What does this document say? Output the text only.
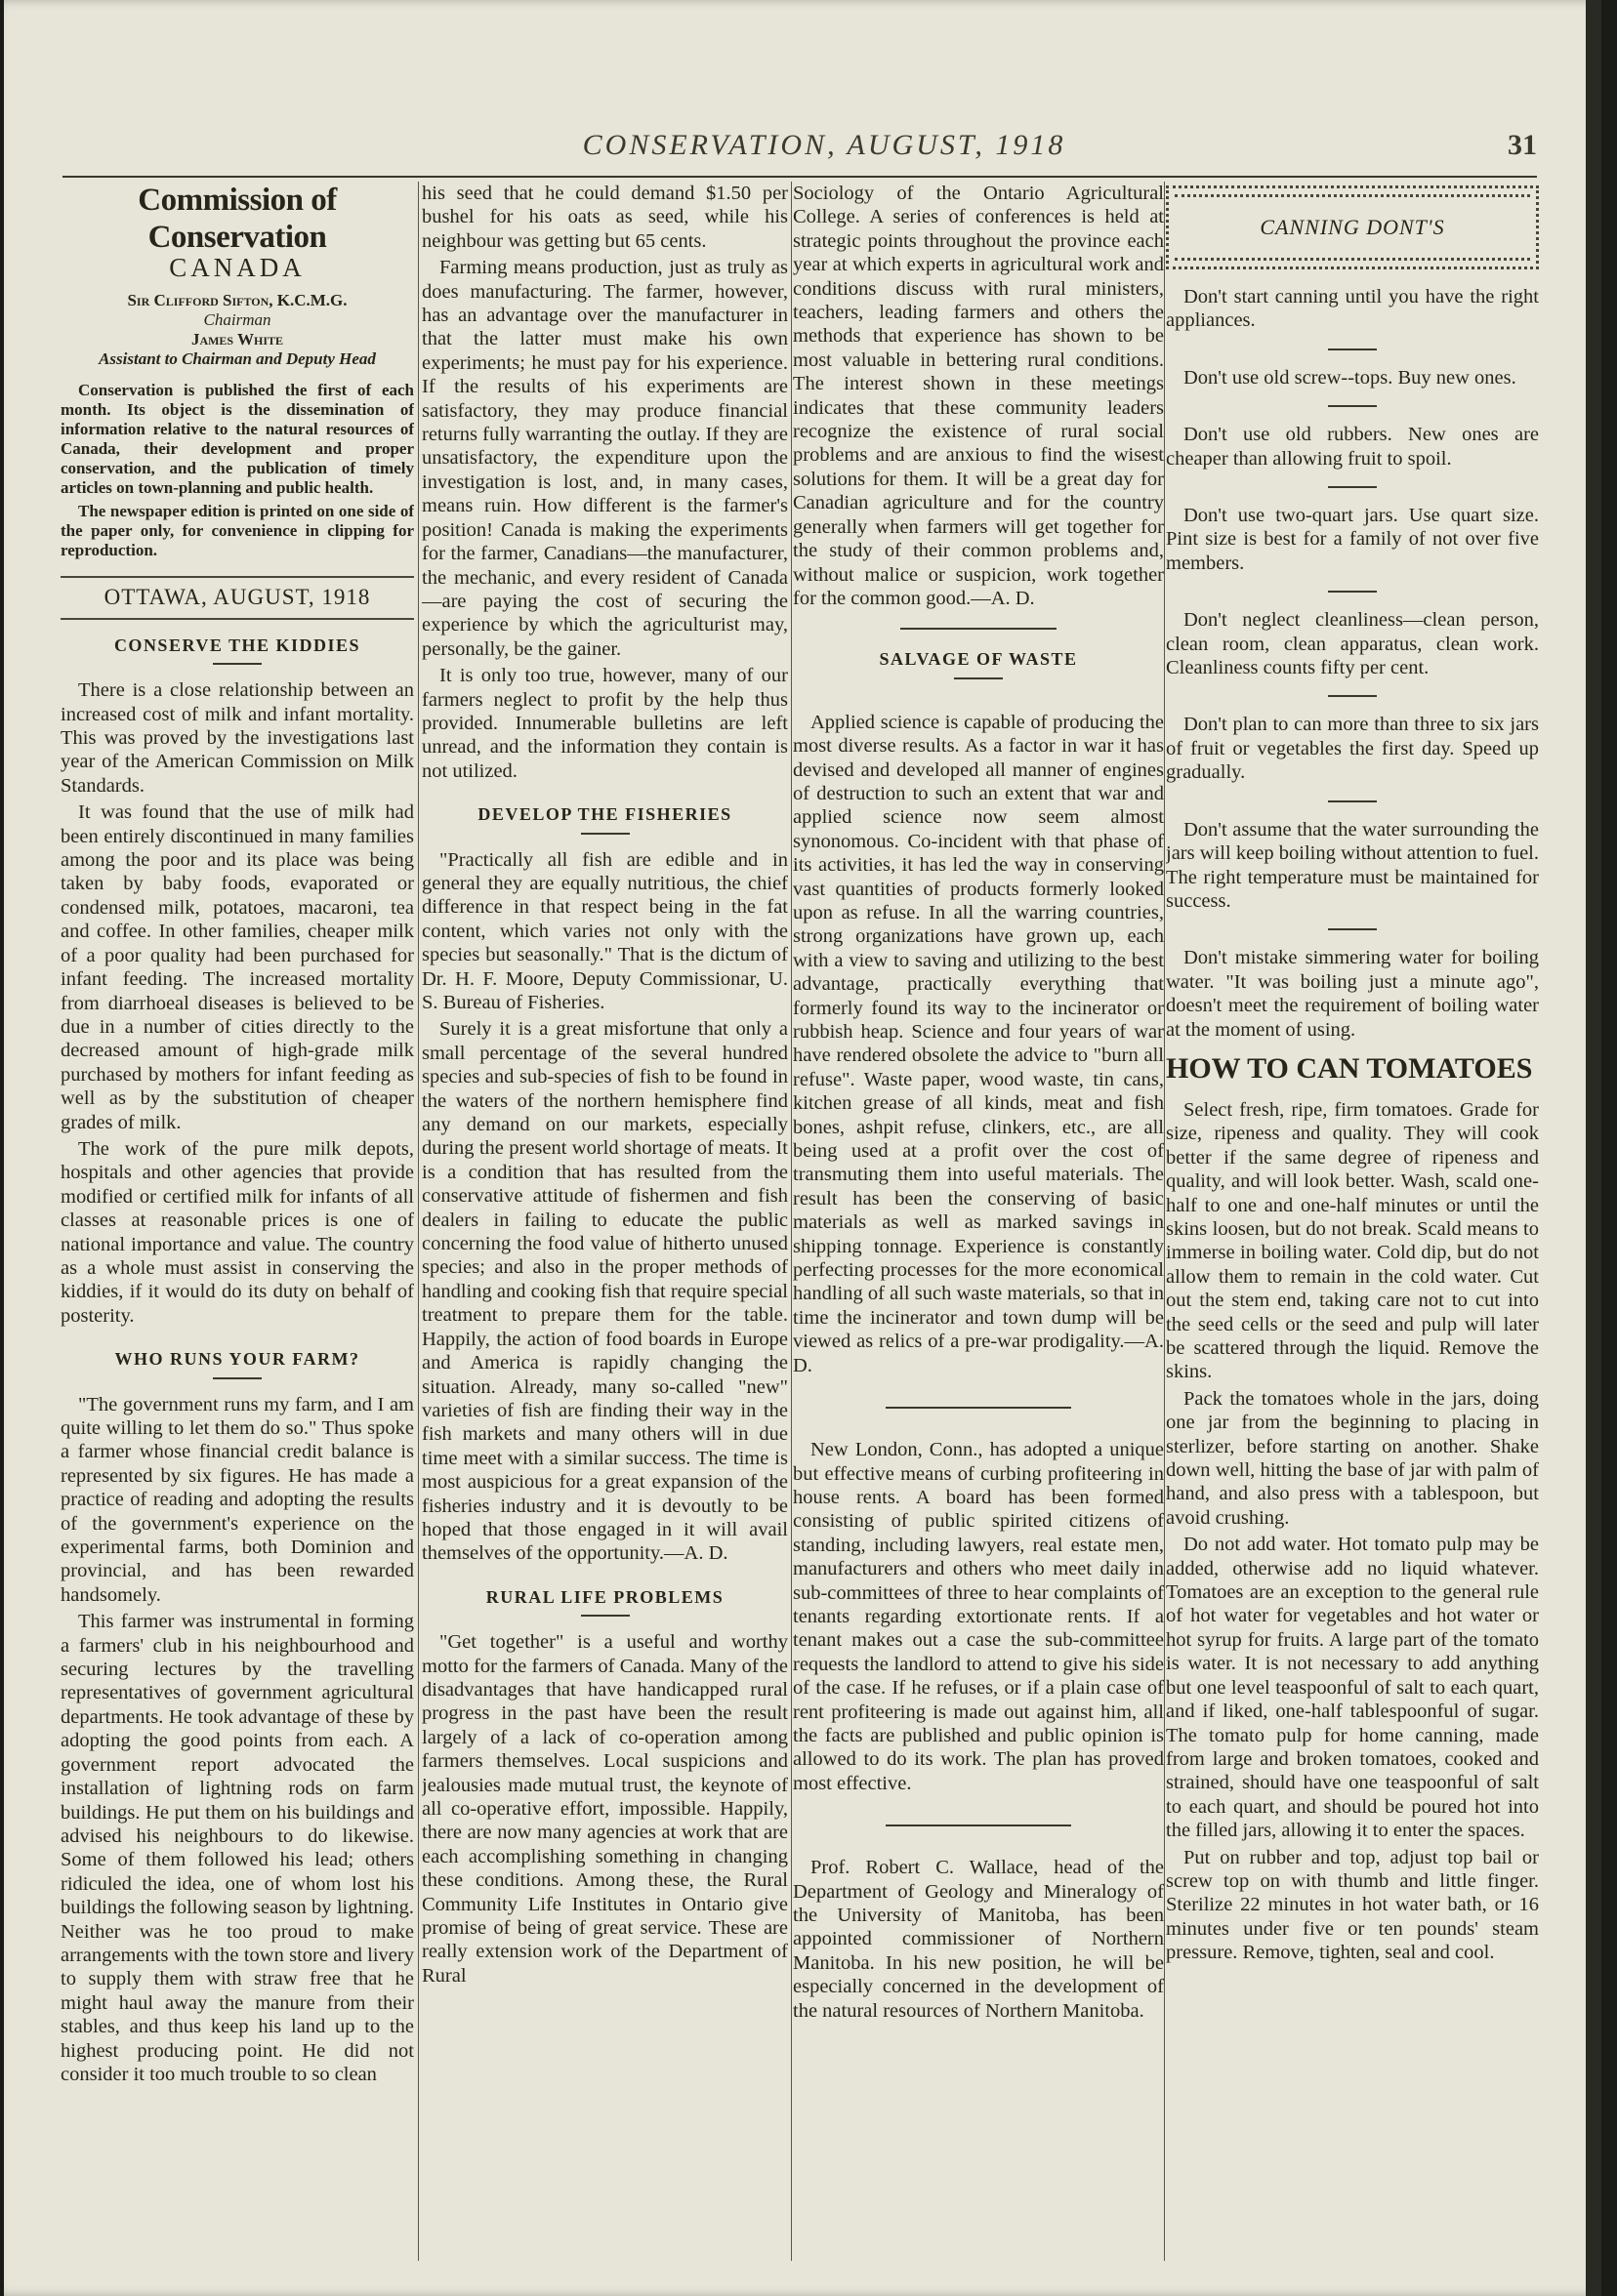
CONSERVATION, AUGUST, 1918	31
Commission of Conservation
CANADA
Sir Clifford Sifton, K.C.M.G.
Chairman
James White
Assistant to Chairman and Deputy Head

Conservation is published the first of each month. Its object is the dissemination of information relative to the natural resources of Canada, their development and proper conservation, and the publication of timely articles on town-planning and public health.

The newspaper edition is printed on one side of the paper only, for convenience in clipping for reproduction.

OTTAWA, AUGUST, 1918
CONSERVE THE KIDDIES

There is a close relationship between an increased cost of milk and infant mortality. This was proved by the investigations last year of the American Commission on Milk Standards.

It was found that the use of milk had been entirely discontinued in many families among the poor and its place was being taken by baby foods, evaporated or condensed milk, potatoes, macaroni, tea and coffee. In other families, cheaper milk of a poor quality had been purchased for infant feeding. The increased mortality from diarrhoeal diseases is believed to be due in a number of cities directly to the decreased amount of high-grade milk purchased by mothers for infant feeding as well as by the substitution of cheaper grades of milk.

The work of the pure milk depots, hospitals and other agencies that provide modified or certified milk for infants of all classes at reasonable prices is one of national importance and value. The country as a whole must assist in conserving the kiddies, if it would do its duty on behalf of posterity.

WHO RUNS YOUR FARM?

"The government runs my farm, and I am quite willing to let them do so." Thus spoke a farmer whose financial credit balance is represented by six figures. He has made a practice of reading and adopting the results of the government's experience on the experimental farms, both Dominion and provincial, and has been rewarded handsomely.

This farmer was instrumental in forming a farmers' club in his neighbourhood and securing lectures by the travelling representatives of government agricultural departments. He took advantage of these by adopting the good points from each. A government report advocated the installation of lightning rods on farm buildings. He put them on his buildings and advised his neighbours to do likewise. Some of them followed his lead; others ridiculed the idea, one of whom lost his buildings the following season by lightning. Neither was he too proud to make arrangements with the town store and livery to supply them with straw free that he might haul away the manure from their stables, and thus keep his land up to the highest producing point. He did not consider it too much trouble to so clean

his seed that he could demand $1.50 per bushel for his oats as seed, while his neighbour was getting but 65 cents.

Farming means production, just as truly as does manufacturing. The farmer, however, has an advantage over the manufacturer in that the latter must make his own experiments; he must pay for his experience. If the results of his experiments are satisfactory, they may produce financial returns fully warranting the outlay. If they are unsatisfactory, the expenditure upon the investigation is lost, and, in many cases, means ruin. How different is the farmer's position! Canada is making the experiments for the farmer, Canadians—the manufacturer, the mechanic, and every resident of Canada—are paying the cost of securing the experience by which the agriculturist may, personally, be the gainer.

It is only too true, however, many of our farmers neglect to profit by the help thus provided. Innumerable bulletins are left unread, and the information they contain is not utilized.

DEVELOP THE FISHERIES

"Practically all fish are edible and in general they are equally nutritious, the chief difference in that respect being in the fat content, which varies not only with the species but seasonally." That is the dictum of Dr. H. F. Moore, Deputy Commissionar, U. S. Bureau of Fisheries.

Surely it is a great misfortune that only a small percentage of the several hundred species and sub-species of fish to be found in the waters of the northern hemisphere find any demand on our markets, especially during the present world shortage of meats. It is a condition that has resulted from the conservative attitude of fishermen and fish dealers in failing to educate the public concerning the food value of hitherto unused species; and also in the proper methods of handling and cooking fish that require special treatment to prepare them for the table. Happily, the action of food boards in Europe and America is rapidly changing the situation. Already, many so-called "new" varieties of fish are finding their way in the fish markets and many others will in due time meet with a similar success. The time is most auspicious for a great expansion of the fisheries industry and it is devoutly to be hoped that those engaged in it will avail themselves of the opportunity.—A. D.

RURAL LIFE PROBLEMS

"Get together" is a useful and worthy motto for the farmers of Canada. Many of the disadvantages that have handicapped rural progress in the past have been the result largely of a lack of co-operation among farmers themselves. Local suspicions and jealousies made mutual trust, the keynote of all co-operative effort, impossible. Happily, there are now many agencies at work that are each accomplishing something in changing these conditions. Among these, the Rural Community Life Institutes in Ontario give promise of being of great service. These are really extension work of the Department of Rural

Sociology of the Ontario Agricultural College. A series of conferences is held at strategic points throughout the province each year at which experts in agricultural work and conditions discuss with rural ministers, teachers, leading farmers and others the methods that experience has shown to be most valuable in bettering rural conditions. The interest shown in these meetings indicates that these community leaders recognize the existence of rural social problems and are anxious to find the wisest solutions for them. It will be a great day for Canadian agriculture and for the country generally when farmers will get together for the study of their common problems and, without malice or suspicion, work together for the common good.—A. D.

SALVAGE OF WASTE

Applied science is capable of producing the most diverse results. As a factor in war it has devised and developed all manner of engines of destruction to such an extent that war and applied science now seem almost synonomous. Co-incident with that phase of its activities, it has led the way in conserving vast quantities of products formerly looked upon as refuse. In all the warring countries, strong organizations have grown up, each with a view to saving and utilizing to the best advantage, practically everything that formerly found its way to the incinerator or rubbish heap. Science and four years of war have rendered obsolete the advice to "burn all refuse". Waste paper, wood waste, tin cans, kitchen grease of all kinds, meat and fish bones, ashpit refuse, clinkers, etc., are all being used at a profit over the cost of transmuting them into useful materials. The result has been the conserving of basic materials as well as marked savings in shipping tonnage. Experience is constantly perfecting processes for the more economical handling of all such waste materials, so that in time the incinerator and town dump will be viewed as relics of a pre-war prodigality.—A. D.

New London, Conn., has adopted a unique but effective means of curbing profiteering in house rents. A board has been formed consisting of public spirited citizens of standing, including lawyers, real estate men, manufacturers and others who meet daily in sub-committees of three to hear complaints of tenants regarding extortionate rents. If a tenant makes out a case the sub-committee requests the landlord to attend to give his side of the case. If he refuses, or if a plain case of rent profiteering is made out against him, all the facts are published and public opinion is allowed to do its work. The plan has proved most effective.

Prof. Robert C. Wallace, head of the Department of Geology and Mineralogy of the University of Manitoba, has been appointed commissioner of Northern Manitoba. In his new position, he will be especially concerned in the development of the natural resources of Northern Manitoba.

CANNING DONT'S

Don't start canning until you have the right appliances.

Don't use old screw--tops. Buy new ones.

Don't use old rubbers. New ones are cheaper than allowing fruit to spoil.

Don't use two-quart jars. Use quart size. Pint size is best for a family of not over five members.

Don't neglect cleanliness—clean person, clean room, clean apparatus, clean work. Cleanliness counts fifty per cent.

Don't plan to can more than three to six jars of fruit or vegetables the first day. Speed up gradually.

Don't assume that the water surrounding the jars will keep boiling without attention to fuel. The right temperature must be maintained for success.

Don't mistake simmering water for boiling water. "It was boiling just a minute ago", doesn't meet the requirement of boiling water at the moment of using.

HOW TO CAN TOMATOES

Select fresh, ripe, firm tomatoes. Grade for size, ripeness and quality. They will cook better if the same degree of ripeness and quality, and will look better. Wash, scald one-half to one and one-half minutes or until the skins loosen, but do not break. Scald means to immerse in boiling water. Cold dip, but do not allow them to remain in the cold water. Cut out the stem end, taking care not to cut into the seed cells or the seed and pulp will later be scattered through the liquid. Remove the skins.

Pack the tomatoes whole in the jars, doing one jar from the beginning to placing in sterlizer, before starting on another. Shake down well, hitting the base of jar with palm of hand, and also press with a tablespoon, but avoid crushing.

Do not add water. Hot tomato pulp may be added, otherwise add no liquid whatever. Tomatoes are an exception to the general rule of hot water for vegetables and hot water or hot syrup for fruits. A large part of the tomato is water. It is not necessary to add anything but one level teaspoonful of salt to each quart, and if liked, one-half tablespoonful of sugar. The tomato pulp for home canning, made from large and broken tomatoes, cooked and strained, should have one teaspoonful of salt to each quart, and should be poured hot into the filled jars, allowing it to enter the spaces.

Put on rubber and top, adjust top bail or screw top on with thumb and little finger. Sterilize 22 minutes in hot water bath, or 16 minutes under five or ten pounds' steam pressure. Remove, tighten, seal and cool.
